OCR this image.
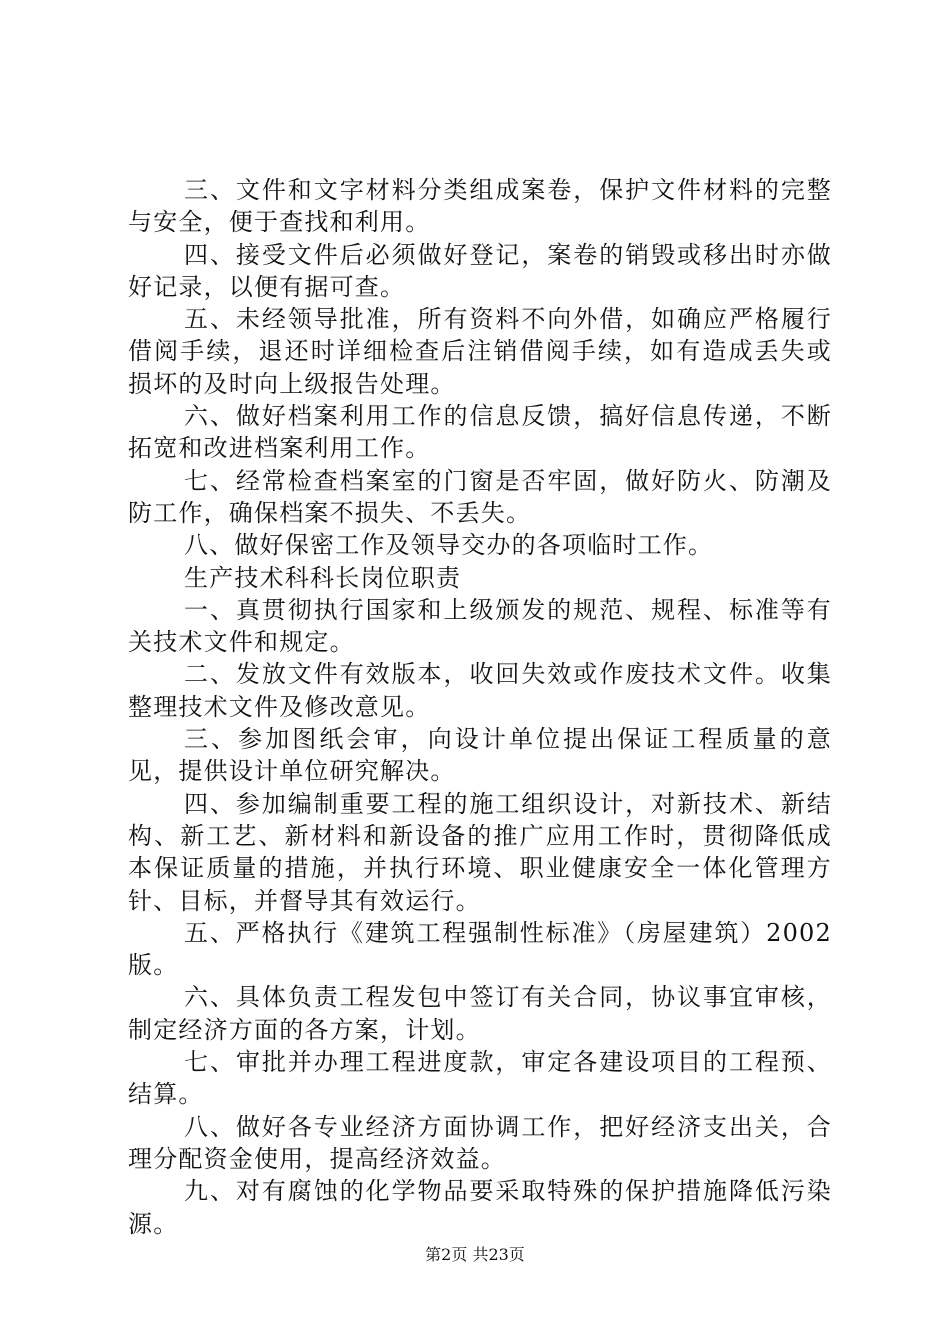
三、文件和文字材料分类组成案卷，保护文件材料的完整与安全，便于查找和利用。

四、接受文件后必须做好登记，案卷的销毁或移出时亦做好记录，以便有据可查。

五、未经领导批准，所有资料不向外借，如确应严格履行借阅手续，退还时详细检查后注销借阅手续，如有造成丢失或损坏的及时向上级报告处理。

六、做好档案利用工作的信息反馈，搞好信息传递，不断拓宽和改进档案利用工作。

七、经常检查档案室的门窗是否牢固，做好防火、防潮及防工作，确保档案不损失、不丢失。

八、做好保密工作及领导交办的各项临时工作。

生产技术科科长岗位职责

一、真贯彻执行国家和上级颁发的规范、规程、标准等有关技术文件和规定。

二、发放文件有效版本，收回失效或作废技术文件。收集整理技术文件及修改意见。

三、参加图纸会审，向设计单位提出保证工程质量的意见，提供设计单位研究解决。

四、参加编制重要工程的施工组织设计，对新技术、新结构、新工艺、新材料和新设备的推广应用工作时，贯彻降低成本保证质量的措施，并执行环境、职业健康安全一体化管理方针、目标，并督导其有效运行。

五、严格执行《建筑工程强制性标准》（房屋建筑）2002版。

六、具体负责工程发包中签订有关合同，协议事宜审核，制定经济方面的各方案，计划。

七、审批并办理工程进度款，审定各建设项目的工程预、结算。

八、做好各专业经济方面协调工作，把好经济支出关，合理分配资金使用，提高经济效益。

九、对有腐蚀的化学物品要采取特殊的保护措施降低污染源。

第2页 共23页
